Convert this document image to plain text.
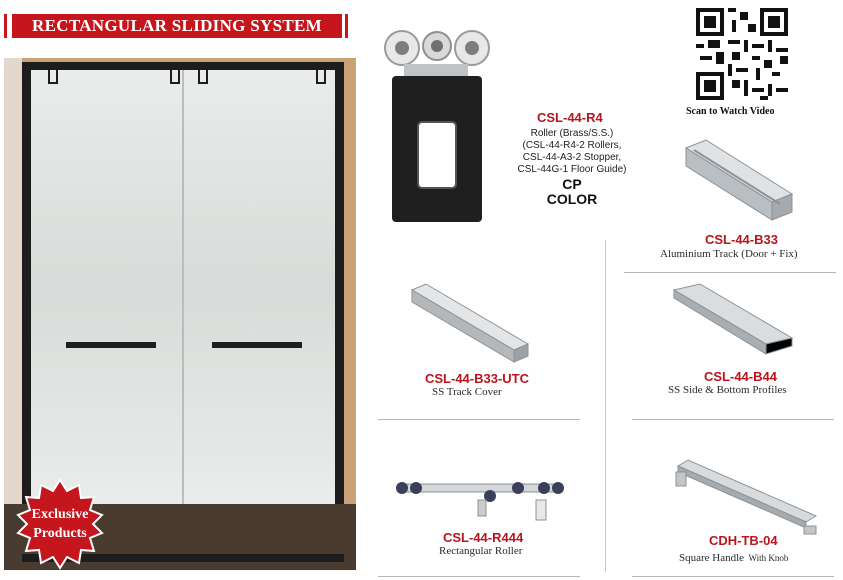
RECTANGULAR SLIDING SYSTEM
Exclusive
Products
CSL-44-R4
Roller (Brass/S.S.)
(CSL-44-R4-2 Rollers,
CSL-44-A3-2 Stopper,
CSL-44G-1 Floor Guide)
CP
COLOR
Scan to Watch Video
CSL-44-B33
Aluminium Track (Door + Fix)
CSL-44-B33-UTC
SS Track Cover
CSL-44-B44
SS Side & Bottom Profiles
CSL-44-R444
Rectangular Roller
CDH-TB-04
Square Handle With Knob
